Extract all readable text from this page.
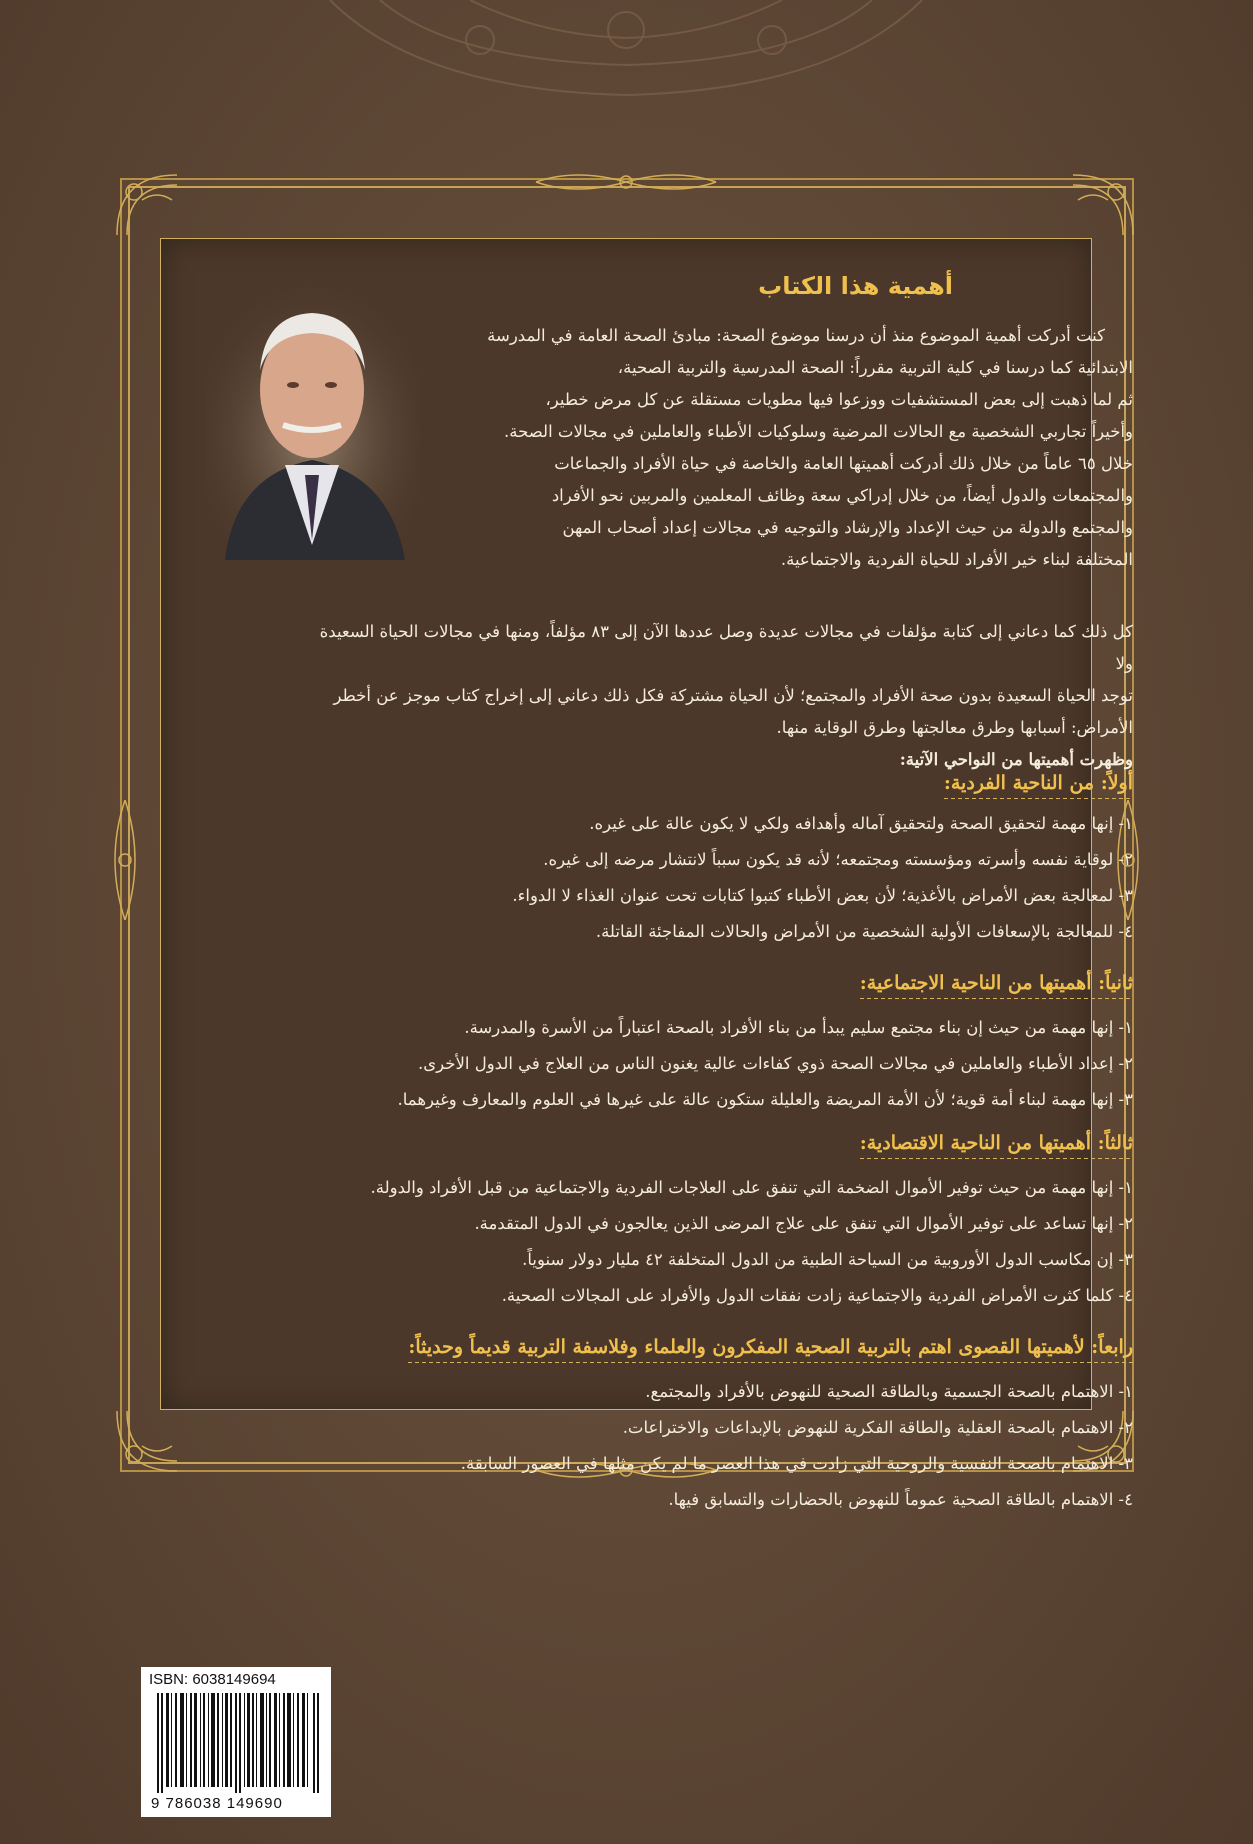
أهمية هذا الكتاب

كنت أدركت أهمية الموضوع منذ أن درسنا موضوع الصحة: مبادئ الصحة العامة في المدرسة

الابتدائية كما درسنا في كلية التربية مقرراً: الصحة المدرسية والتربية الصحية،

ثم لما ذهبت إلى بعض المستشفيات ووزعوا فيها مطويات مستقلة عن كل مرض خطير،

وأخيراً تجاربي الشخصية مع الحالات المرضية وسلوكيات الأطباء والعاملين في مجالات الصحة.

خلال ٦٥ عاماً من خلال ذلك أدركت أهميتها العامة والخاصة في حياة الأفراد والجماعات

والمجتمعات والدول أيضاً، من خلال إدراكي سعة وظائف المعلمين والمربين نحو الأفراد

والمجتمع والدولة من حيث الإعداد والإرشاد والتوجيه في مجالات إعداد أصحاب المهن

المختلفة لبناء خير الأفراد للحياة الفردية والاجتماعية.

كل ذلك كما دعاني إلى كتابة مؤلفات في مجالات عديدة وصل عددها الآن إلى ٨٣ مؤلفاً، ومنها في مجالات الحياة السعيدة ولا

توجد الحياة السعيدة بدون صحة الأفراد والمجتمع؛ لأن الحياة مشتركة فكل ذلك دعاني إلى إخراج كتاب موجز عن أخطر

الأمراض: أسبابها وطرق معالجتها وطرق الوقاية منها.

وظهرت أهميتها من النواحي الآتية:

أولاً: من الناحية الفردية:
١- إنها مهمة لتحقيق الصحة ولتحقيق آماله وأهدافه ولكي لا يكون عالة على غيره.
٢- لوقاية نفسه وأسرته ومؤسسته ومجتمعه؛ لأنه قد يكون سبباً لانتشار مرضه إلى غيره.
٣- لمعالجة بعض الأمراض بالأغذية؛ لأن بعض الأطباء كتبوا كتابات تحت عنوان الغذاء لا الدواء.
٤- للمعالجة بالإسعافات الأولية الشخصية من الأمراض والحالات المفاجئة القاتلة.
ثانياً: أهميتها من الناحية الاجتماعية:
١- إنها مهمة من حيث إن بناء مجتمع سليم يبدأ من بناء الأفراد بالصحة اعتباراً من الأسرة والمدرسة.
٢- إعداد الأطباء والعاملين في مجالات الصحة ذوي كفاءات عالية يغنون الناس من العلاج في الدول الأخرى.
٣- إنها مهمة لبناء أمة قوية؛ لأن الأمة المريضة والعليلة ستكون عالة على غيرها في العلوم والمعارف وغيرهما.
ثالثاً: أهميتها من الناحية الاقتصادية:
١- إنها مهمة من حيث توفير الأموال الضخمة التي تنفق على العلاجات الفردية والاجتماعية من قبل الأفراد والدولة.
٢- إنها تساعد على توفير الأموال التي تنفق على علاج المرضى الذين يعالجون في الدول المتقدمة.
٣- إن مكاسب الدول الأوروبية من السياحة الطبية من الدول المتخلفة ٤٢ مليار دولار سنوياً.
٤- كلما كثرت الأمراض الفردية والاجتماعية زادت نفقات الدول والأفراد على المجالات الصحية.
رابعاً: لأهميتها القصوى اهتم بالتربية الصحية المفكرون والعلماء وفلاسفة التربية قديماً وحديثاً:
١- الاهتمام بالصحة الجسمية وبالطاقة الصحية للنهوض بالأفراد والمجتمع.
٢- الاهتمام بالصحة العقلية والطاقة الفكرية للنهوض بالإبداعات والاختراعات.
٣- الاهتمام بالصحة النفسية والروحية التي زادت في هذا العصر ما لم يكن مثلها في العصور السابقة.
٤- الاهتمام بالطاقة الصحية عموماً للنهوض بالحضارات والتسابق فيها.
ISBN: 6038149694
9 786038 149690
